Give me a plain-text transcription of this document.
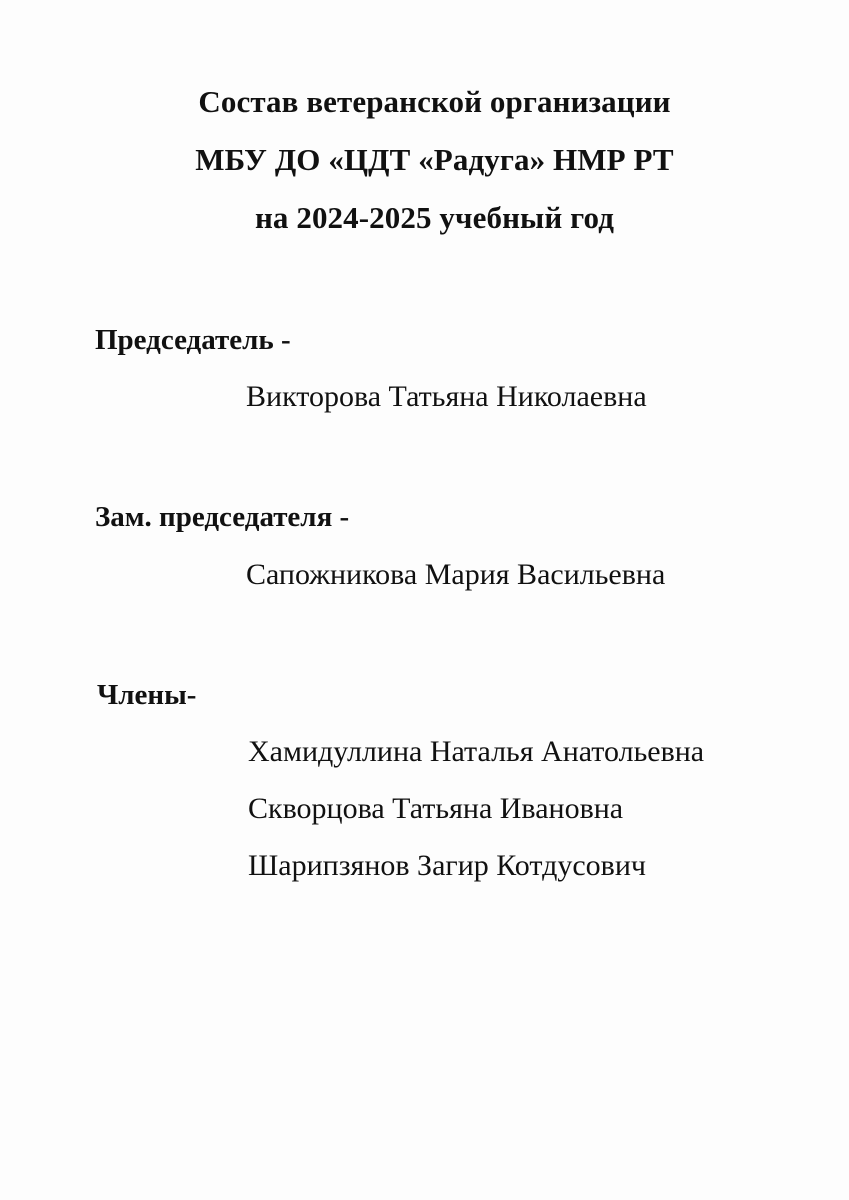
Состав ветеранской организации
МБУ ДО «ЦДТ «Радуга» НМР РТ
на 2024-2025 учебный год
Председатель -
Викторова Татьяна Николаевна
Зам. председателя -
Сапожникова Мария Васильевна
Члены-
Хамидуллина Наталья Анатольевна
Скворцова Татьяна Ивановна
Шарипзянов Загир Котдусович
